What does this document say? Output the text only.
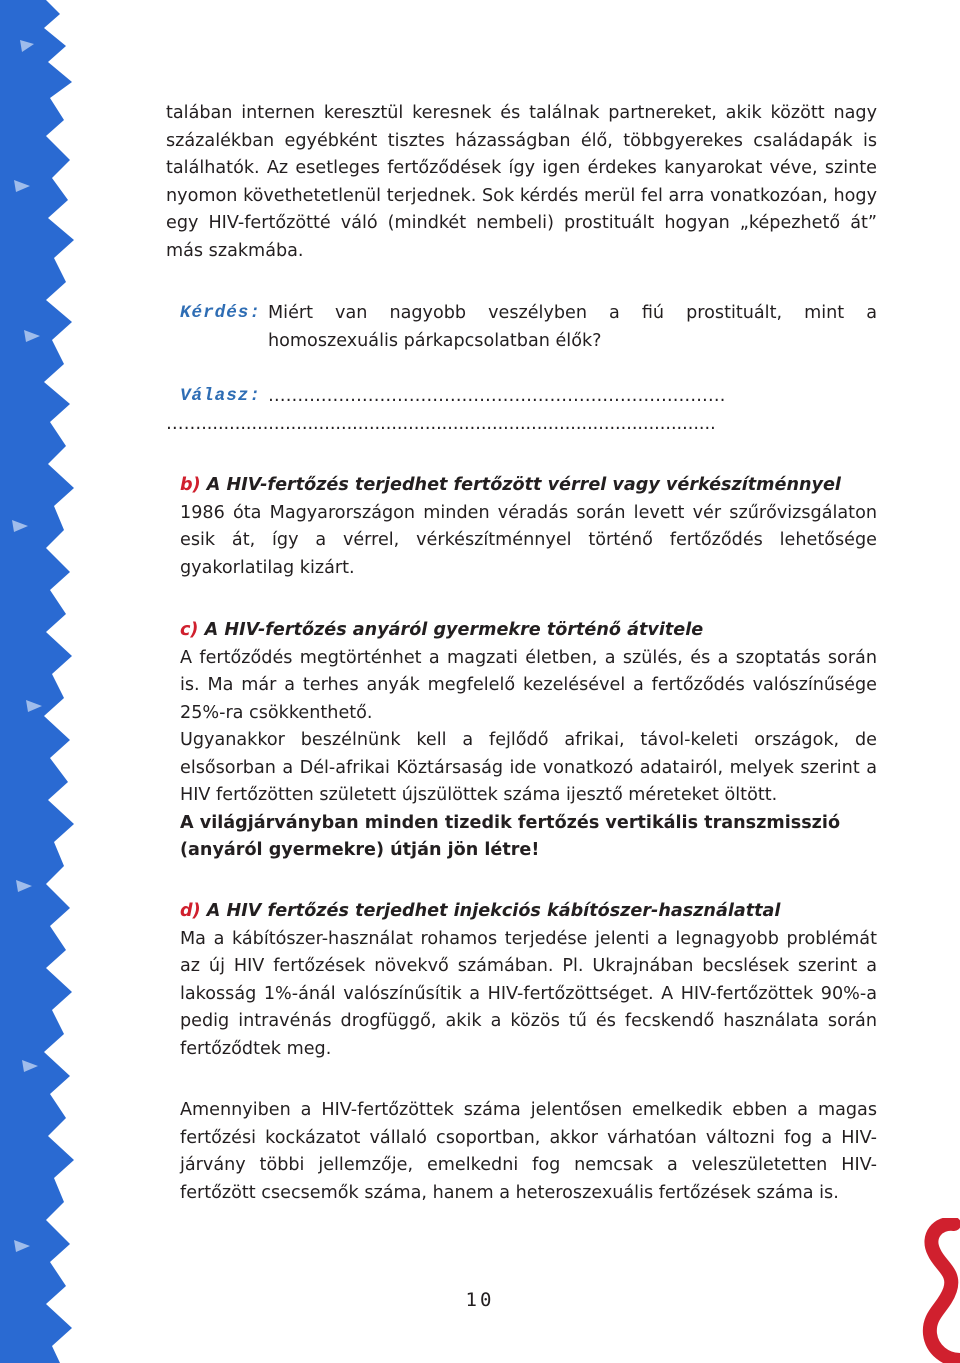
talában internen keresztül keresnek és találnak partnereket, akik között nagy százalékban egyébként tisztes házasságban élő, többgyerekes családapák is találhatók. Az esetleges fertőződések így igen érdekes kanyarokat véve, szinte nyomon követhetetlenül terjednek. Sok kérdés merül fel arra vonatkozóan, hogy egy HIV-fertőzötté váló (mindkét nembeli) prostituált hogyan „képezhető át” más szakmába.

Kérdés: Miért van nagyobb veszélyben a fiú prostituált, mint a homoszexuális párkapcsolatban élők?
Válasz: ……………………………………………………………………
……............................................................................................

b) A HIV-fertőzés terjedhet fertőzött vérrel vagy vérkészítménnyel

1986 óta Magyarországon minden véradás során levett vér szűrővizsgálaton esik át, így a vérrel, vérkészítménnyel történő fertőződés lehetősége gyakorlatilag kizárt.

c) A HIV-fertőzés anyáról gyermekre történő átvitele

A fertőződés megtörténhet a magzati életben, a szülés, és a szoptatás során is. Ma már a terhes anyák megfelelő kezelésével a fertőződés valószínűsége 25%-ra csökkenthető.

Ugyanakkor beszélnünk kell a fejlődő afrikai, távol-keleti országok, de elsősorban a Dél-afrikai Köztársaság ide vonatkozó adatairól, melyek szerint a HIV fertőzötten született újszülöttek száma ijesztő méreteket öltött.

A világjárványban minden tizedik fertőzés vertikális transzmisszió (anyáról gyermekre) útján jön létre!

d) A HIV fertőzés terjedhet injekciós kábítószer-használattal

Ma a kábítószer-használat rohamos terjedése jelenti a legnagyobb problémát az új HIV fertőzések növekvő számában. Pl. Ukrajnában becslések szerint a lakosság 1%-ánál valószínűsítik a HIV-fertőzöttséget. A HIV-fertőzöttek 90%-a pedig intravénás drogfüggő, akik a közös tű és fecskendő használata során fertőződtek meg.

Amennyiben a HIV-fertőzöttek száma jelentősen emelkedik ebben a magas fertőzési kockázatot vállaló csoportban, akkor várhatóan változni fog a HIV-járvány többi jellemzője, emelkedni fog nemcsak a veleszületetten HIV-fertőzött csecsemők száma, hanem a heteroszexuális fertőzések száma is.

10
